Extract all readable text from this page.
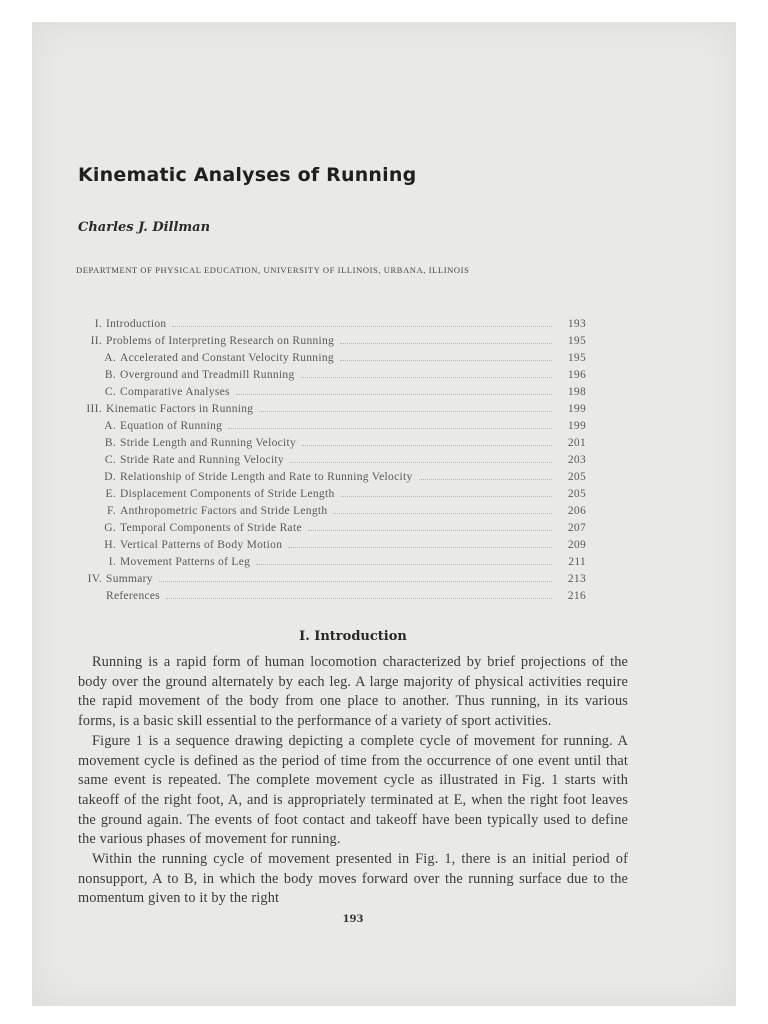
Kinematic Analyses of Running
Charles J. Dillman
DEPARTMENT OF PHYSICAL EDUCATION, UNIVERSITY OF ILLINOIS, URBANA, ILLINOIS
I. Introduction	193
II. Problems of Interpreting Research on Running	195
A. Accelerated and Constant Velocity Running	195
B. Overground and Treadmill Running	196
C. Comparative Analyses	198
III. Kinematic Factors in Running	199
A. Equation of Running	199
B. Stride Length and Running Velocity	201
C. Stride Rate and Running Velocity	203
D. Relationship of Stride Length and Rate to Running Velocity	205
E. Displacement Components of Stride Length	205
F. Anthropometric Factors and Stride Length	206
G. Temporal Components of Stride Rate	207
H. Vertical Patterns of Body Motion	209
I. Movement Patterns of Leg	211
IV. Summary	213
References	216
I. Introduction

Running is a rapid form of human locomotion characterized by brief projections of the body over the ground alternately by each leg. A large majority of physical activities require the rapid movement of the body from one place to another. Thus running, in its various forms, is a basic skill essential to the performance of a variety of sport activities.

Figure 1 is a sequence drawing depicting a complete cycle of movement for running. A movement cycle is defined as the period of time from the occurrence of one event until that same event is repeated. The complete movement cycle as illustrated in Fig. 1 starts with takeoff of the right foot, A, and is appropriately terminated at E, when the right foot leaves the ground again. The events of foot contact and takeoff have been typically used to define the various phases of movement for running.

Within the running cycle of movement presented in Fig. 1, there is an initial period of nonsupport, A to B, in which the body moves forward over the running surface due to the momentum given to it by the right

193
